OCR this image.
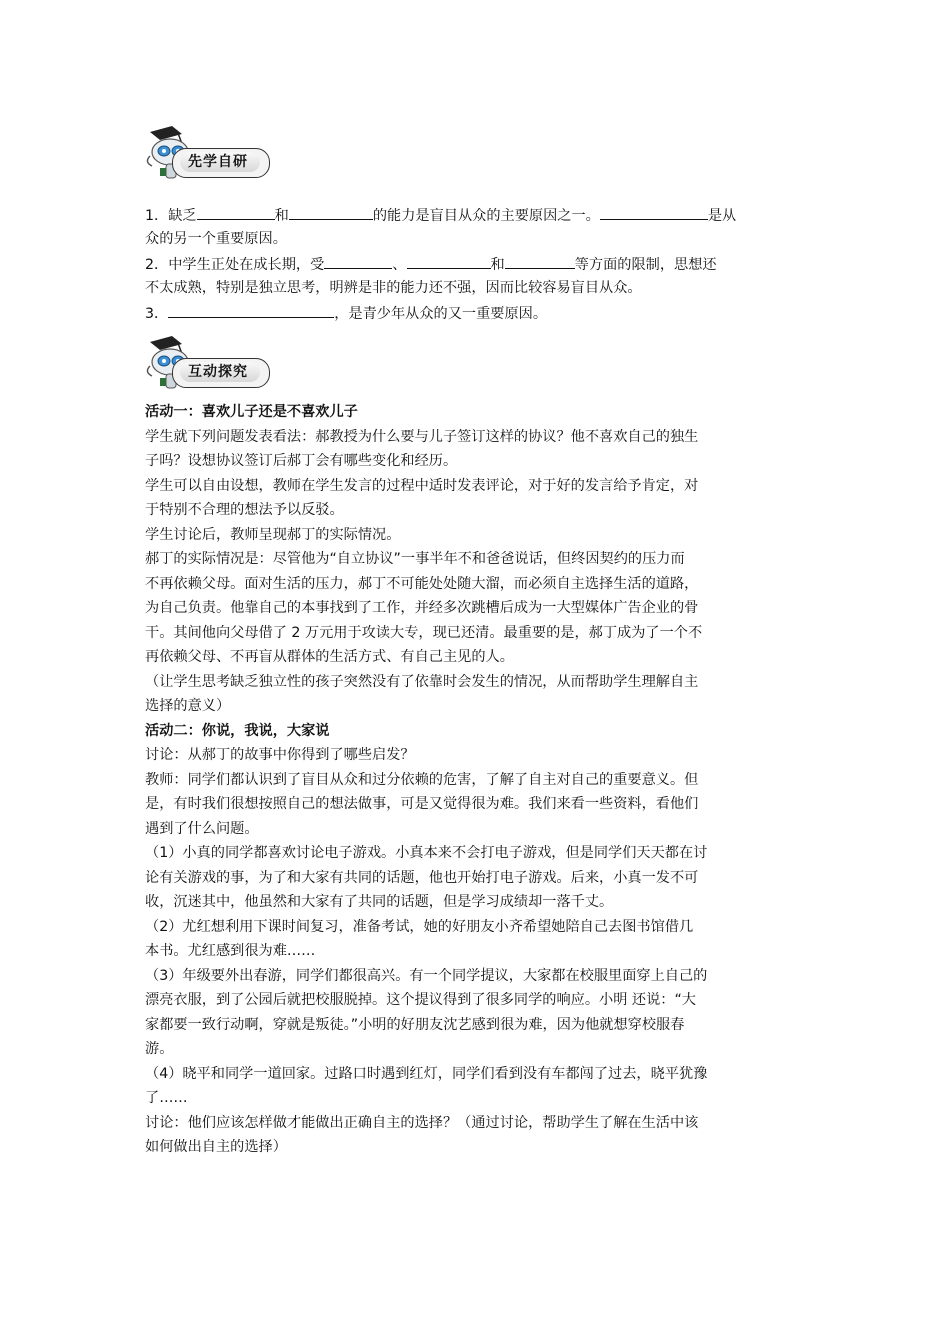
先学自研
1．缺乏	和	的能力是盲目从众的主要原因之一。	是从
众的另一个重要原因。
2．中学生正处在成长期，受	、	和	等方面的限制，思想还
不太成熟，特别是独立思考，明辨是非的能力还不强，因而比较容易盲目从众。
3．	，是青少年从众的又一重要原因。
互动探究
活动一：喜欢儿子还是不喜欢儿子
学生就下列问题发表看法：郝教授为什么要与儿子签订这样的协议？他不喜欢自己的独生
子吗？设想协议签订后郝丁会有哪些变化和经历。
学生可以自由设想，教师在学生发言的过程中适时发表评论，对于好的发言给予肯定，对
于特别不合理的想法予以反驳。
学生讨论后，教师呈现郝丁的实际情况。
郝丁的实际情况是：尽管他为“自立协议”一事半年不和爸爸说话，但终因契约的压力而
不再依赖父母。面对生活的压力，郝丁不可能处处随大溜，而必须自主选择生活的道路，
为自己负责。他靠自己的本事找到了工作，并经多次跳槽后成为一大型媒体广告企业的骨
干。其间他向父母借了 2 万元用于攻读大专，现已还清。最重要的是，郝丁成为了一个不
再依赖父母、不再盲从群体的生活方式、有自己主见的人。
（让学生思考缺乏独立性的孩子突然没有了依靠时会发生的情况，从而帮助学生理解自主
选择的意义）
活动二：你说，我说，大家说
讨论：从郝丁的故事中你得到了哪些启发？
教师：同学们都认识到了盲目从众和过分依赖的危害，了解了自主对自己的重要意义。但
是，有时我们很想按照自己的想法做事，可是又觉得很为难。我们来看一些资料，看他们
遇到了什么问题。
（1）小真的同学都喜欢讨论电子游戏。小真本来不会打电子游戏，但是同学们天天都在讨
论有关游戏的事，为了和大家有共同的话题，他也开始打电子游戏。后来，小真一发不可
收，沉迷其中，他虽然和大家有了共同的话题，但是学习成绩却一落千丈。
（2）尤红想利用下课时间复习，准备考试，她的好朋友小齐希望她陪自己去图书馆借几
本书。尤红感到很为难……
（3）年级要外出春游，同学们都很高兴。有一个同学提议，大家都在校服里面穿上自己的
漂亮衣服，到了公园后就把校服脱掉。这个提议得到了很多同学的响应。小明 还说：“大
家都要一致行动啊，穿就是叛徒。”小明的好朋友沈艺感到很为难，因为他就想穿校服春
游。
（4）晓平和同学一道回家。过路口时遇到红灯，同学们看到没有车都闯了过去，晓平犹豫
了……
讨论：他们应该怎样做才能做出正确自主的选择？（通过讨论，帮助学生了解在生活中该
如何做出自主的选择）
